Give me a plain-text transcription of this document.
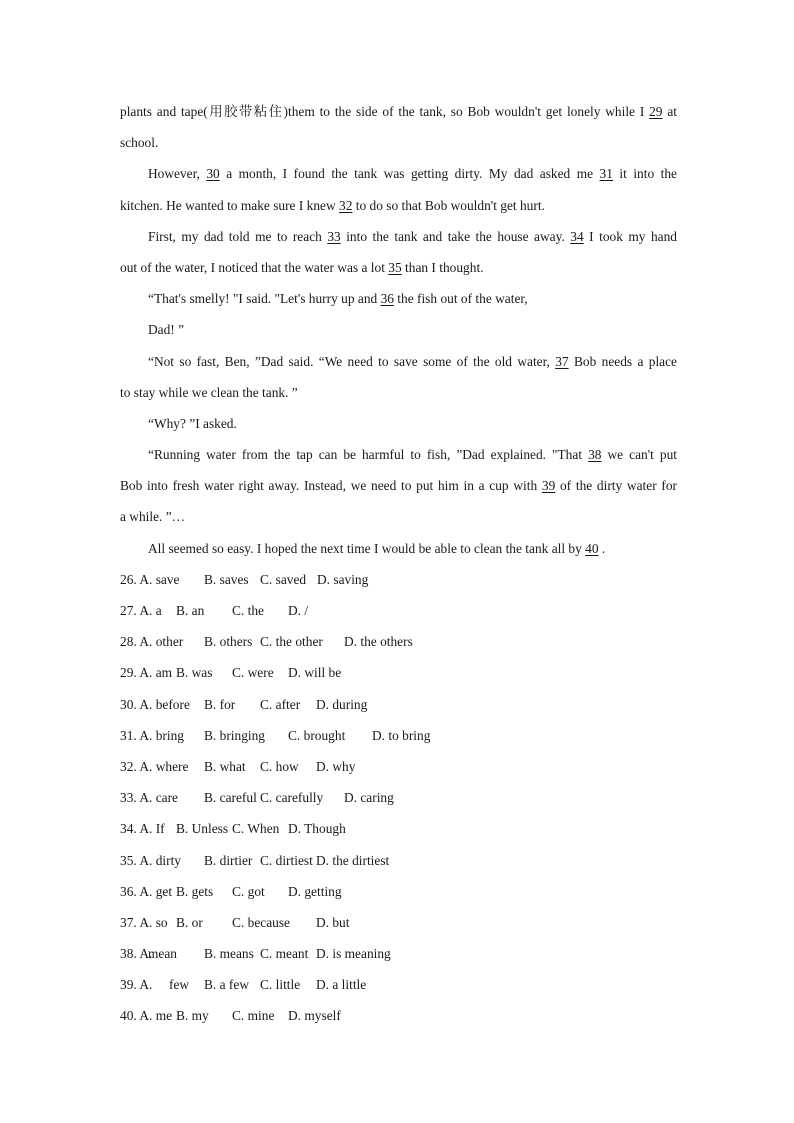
plants and tape(用胶带粘住)them to the side of the tank, so Bob wouldn't get lonely while I 29 at
school.
However, 30 a month, I found the tank was getting dirty. My dad asked me 31 it into the
kitchen. He wanted to make sure I knew 32 to do so that Bob wouldn't get hurt.
First, my dad told me to reach 33 into the tank and take the house away. 34 I took my hand
out of the water, I noticed that the water was a lot 35 than I thought.
“That's smelly! "I said. "Let's hurry up and 36 the fish out of the water,
Dad! ”
“Not so fast, Ben, ”Dad said. “We need to save some of the old water, 37 Bob needs a place
to stay while we clean the tank. ”
“Why? ”I asked.
“Running water from the tap can be harmful to fish, ”Dad explained. "That 38 we can't put
Bob into fresh water right away. Instead, we need to put him in a cup with 39 of the dirty water for
a while. ”…
All seemed so easy. I hoped the next time I would be able to clean the tank all by 40 .
26. A. save B. saves C. saved D. saving
27. A. a B. an C. the D. /
28. A. other B. others C. the other D. the others
29. A. am B. was C. were D. will be
30. A. before B. for C. after D. during
31. A. bring B. bringing C. brought D. to bring
32. A. where B. what C. how D. why
33. A. care B. careful C. carefully D. caring
34. A. If B. Unless C. When D. Though
35. A. dirty B. dirtier C. dirtiest D. the dirtiest
36. A. get B. gets C. got D. getting
37. A. so B. or C. because D. but
38. A.
mean B. means C. meant D. is meaning
39. A. few B. a few C. little D. a little
40. A. me B. my C. mine D. myself
